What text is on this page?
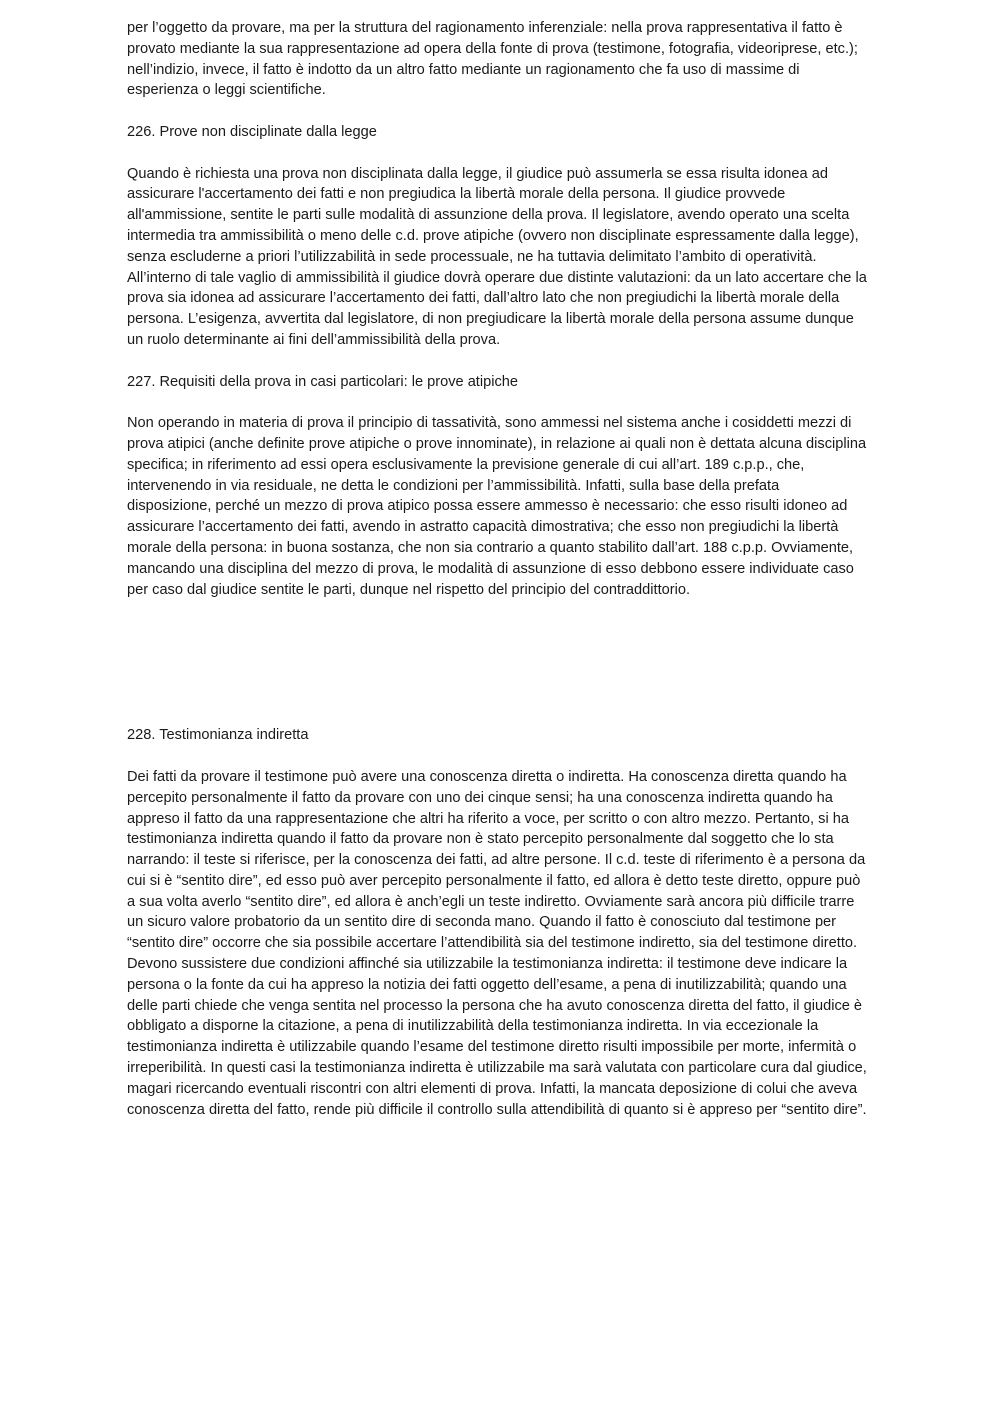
per l’oggetto da provare, ma per la struttura del ragionamento inferenziale: nella prova rappresentativa il fatto è provato mediante la sua rappresentazione ad opera della fonte di prova (testimone, fotografia, videoriprese, etc.); nell’indizio, invece, il fatto è indotto da un altro fatto mediante un ragionamento che fa uso di massime di esperienza o leggi scientifiche.

226. Prove non disciplinate dalla legge

Quando è richiesta una prova non disciplinata dalla legge, il giudice può assumerla se essa risulta idonea ad assicurare l'accertamento dei fatti e non pregiudica la libertà morale della persona. Il giudice provvede all'ammissione, sentite le parti sulle modalità di assunzione della prova. Il legislatore, avendo operato una scelta intermedia tra ammissibilità o meno delle c.d. prove atipiche (ovvero non disciplinate espressamente dalla legge), senza escluderne a priori l’utilizzabilità in sede processuale, ne ha tuttavia delimitato l’ambito di operatività. All’interno di tale vaglio di ammissibilità il giudice dovrà operare due distinte valutazioni: da un lato accertare che la prova sia idonea ad assicurare l’accertamento dei fatti, dall’altro lato che non pregiudichi la libertà morale della persona. L’esigenza, avvertita dal legislatore, di non pregiudicare la libertà morale della persona assume dunque un ruolo determinante ai fini dell’ammissibilità della prova.

227. Requisiti della prova in casi particolari: le prove atipiche

Non operando in materia di prova il principio di tassatività, sono ammessi nel sistema anche i cosiddetti mezzi di prova atipici (anche definite prove atipiche o prove innominate), in relazione ai quali non è dettata alcuna disciplina specifica; in riferimento ad essi opera esclusivamente la previsione generale di cui all’art. 189 c.p.p., che, intervenendo in via residuale, ne detta le condizioni per l’ammissibilità. Infatti, sulla base della prefata disposizione, perché un mezzo di prova atipico possa essere ammesso è necessario: che esso risulti idoneo ad assicurare l’accertamento dei fatti, avendo in astratto capacità dimostrativa; che esso non pregiudichi la libertà morale della persona: in buona sostanza, che non sia contrario a quanto stabilito dall’art. 188 c.p.p. Ovviamente, mancando una disciplina del mezzo di prova, le modalità di assunzione di esso debbono essere individuate caso per caso dal giudice sentite le parti, dunque nel rispetto del principio del contraddittorio.

228. Testimonianza indiretta

Dei fatti da provare il testimone può avere una conoscenza diretta o indiretta. Ha conoscenza diretta quando ha percepito personalmente il fatto da provare con uno dei cinque sensi; ha una conoscenza indiretta quando ha appreso il fatto da una rappresentazione che altri ha riferito a voce, per scritto o con altro mezzo. Pertanto, si ha testimonianza indiretta quando il fatto da provare non è stato percepito personalmente dal soggetto che lo sta narrando: il teste si riferisce, per la conoscenza dei fatti, ad altre persone. Il c.d. teste di riferimento è a persona da cui si è “sentito dire”, ed esso può aver percepito personalmente il fatto, ed allora è detto teste diretto, oppure può a sua volta averlo “sentito dire”, ed allora è anch’egli un teste indiretto. Ovviamente sarà ancora più difficile trarre un sicuro valore probatorio da un sentito dire di seconda mano. Quando il fatto è conosciuto dal testimone per “sentito dire” occorre che sia possibile accertare l’attendibilità sia del testimone indiretto, sia del testimone diretto. Devono sussistere due condizioni affinché sia utilizzabile la testimonianza indiretta: il testimone deve indicare la persona o la fonte da cui ha appreso la notizia dei fatti oggetto dell’esame, a pena di inutilizzabilità; quando una delle parti chiede che venga sentita nel processo la persona che ha avuto conoscenza diretta del fatto, il giudice è obbligato a disporne la citazione, a pena di inutilizzabilità della testimonianza indiretta. In via eccezionale la testimonianza indiretta è utilizzabile quando l’esame del testimone diretto risulti impossibile per morte, infermità o irreperibilità. In questi casi la testimonianza indiretta è utilizzabile ma sarà valutata con particolare cura dal giudice, magari ricercando eventuali riscontri con altri elementi di prova. Infatti, la mancata deposizione di colui che aveva conoscenza diretta del fatto, rende più difficile il controllo sulla attendibilità di quanto si è appreso per “sentito dire”.
